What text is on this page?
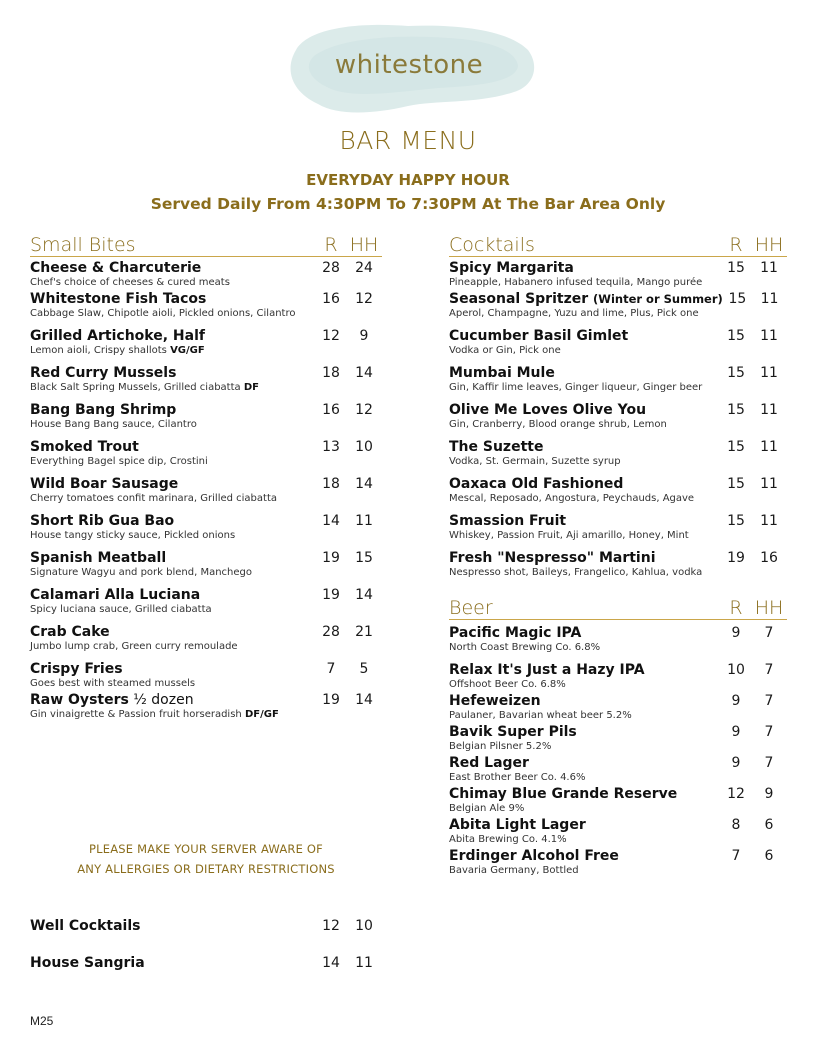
whitestone
BAR MENU
EVERYDAY HAPPY HOUR
Served Daily From 4:30PM To 7:30PM At The Bar Area Only
Small Bites	R HH
Cheese & Charcuterie	28	24
Chef's choice of cheeses & cured meats
Whitestone Fish Tacos	16	12
Cabbage Slaw, Chipotle aioli, Pickled onions, Cilantro
Grilled Artichoke, Half	12	9
Lemon aioli, Crispy shallots VG/GF
Red Curry Mussels	18	14
Black Salt Spring Mussels, Grilled ciabatta DF
Bang Bang Shrimp	16	12
House Bang Bang sauce, Cilantro
Smoked Trout	13	10
Everything Bagel spice dip, Crostini
Wild Boar Sausage	18	14
Cherry tomatoes confit marinara, Grilled ciabatta
Short Rib Gua Bao	14	11
House tangy sticky sauce, Pickled onions
Spanish Meatball	19	15
Signature Wagyu and pork blend, Manchego
Calamari Alla Luciana	19	14
Spicy luciana sauce, Grilled ciabatta
Crab Cake	28	21
Jumbo lump crab, Green curry remoulade
Crispy Fries	7	5
Goes best with steamed mussels
Raw Oysters ½ dozen	19	14
Gin vinaigrette & Passion fruit horseradish DF/GF
PLEASE MAKE YOUR SERVER AWARE OF
ANY ALLERGIES OR DIETARY RESTRICTIONS
Well Cocktails	12	10
House Sangria	14	11
Cocktails	R HH
Spicy Margarita	15	11
Pineapple, Habanero infused tequila, Mango purée
Seasonal Spritzer (Winter or Summer) 15	11
Aperol, Champagne, Yuzu and lime, Plus, Pick one
Cucumber Basil Gimlet	15	11
Vodka or Gin, Pick one
Mumbai Mule	15	11
Gin, Kaffir lime leaves, Ginger liqueur, Ginger beer
Olive Me Loves Olive You	15	11
Gin, Cranberry, Blood orange shrub, Lemon
The Suzette	15	11
Vodka, St. Germain, Suzette syrup
Oaxaca Old Fashioned	15	11
Mescal, Reposado, Angostura, Peychauds, Agave
Smassion Fruit	15	11
Whiskey, Passion Fruit, Aji amarillo, Honey, Mint
Fresh "Nespresso" Martini	19	16
Nespresso shot, Baileys, Frangelico, Kahlua, vodka
Beer	R HH
Pacific Magic IPA	9	7
North Coast Brewing Co. 6.8%
Relax It's Just a Hazy IPA	10	7
Offshoot Beer Co. 6.8%
Hefeweizen	9	7
Paulaner, Bavarian wheat beer 5.2%
Bavik Super Pils	9	7
Belgian Pilsner 5.2%
Red Lager	9	7
East Brother Beer Co. 4.6%
Chimay Blue Grande Reserve	12	9
Belgian Ale 9%
Abita Light Lager	8	6
Abita Brewing Co. 4.1%
Erdinger Alcohol Free	7	6
Bavaria Germany, Bottled
M25
